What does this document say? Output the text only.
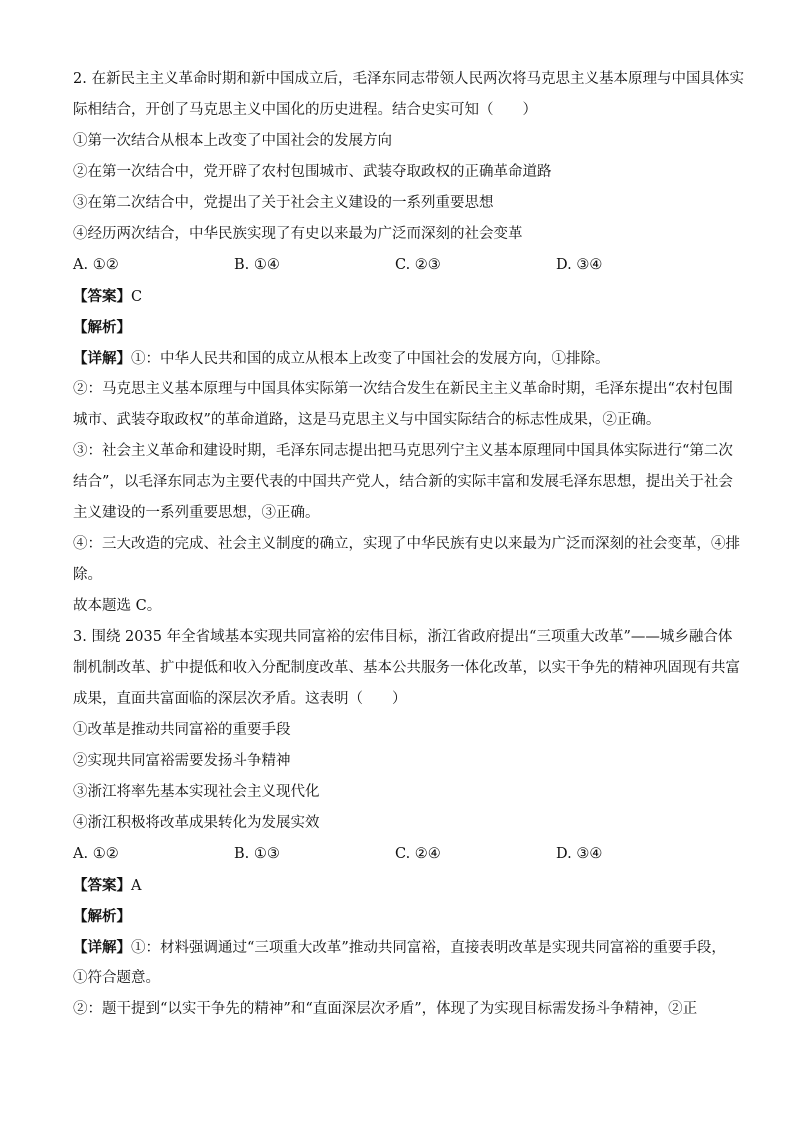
2. 在新民主主义革命时期和新中国成立后，毛泽东同志带领人民两次将马克思主义基本原理与中国具体实
际相结合，开创了马克思主义中国化的历史进程。结合史实可知（　　）
①第一次结合从根本上改变了中国社会的发展方向
②在第一次结合中，党开辟了农村包围城市、武装夺取政权的正确革命道路
③在第二次结合中，党提出了关于社会主义建设的一系列重要思想
④经历两次结合，中华民族实现了有史以来最为广泛而深刻的社会变革
A. ①②	B. ①④	C. ②③	D. ③④
【答案】C
【解析】
【详解】①：中华人民共和国的成立从根本上改变了中国社会的发展方向，①排除。
②：马克思主义基本原理与中国具体实际第一次结合发生在新民主主义革命时期，毛泽东提出“农村包围
城市、武装夺取政权”的革命道路，这是马克思主义与中国实际结合的标志性成果，②正确。
③：社会主义革命和建设时期，毛泽东同志提出把马克思列宁主义基本原理同中国具体实际进行“第二次
结合”，以毛泽东同志为主要代表的中国共产党人，结合新的实际丰富和发展毛泽东思想，提出关于社会
主义建设的一系列重要思想，③正确。
④：三大改造的完成、社会主义制度的确立，实现了中华民族有史以来最为广泛而深刻的社会变革，④排
除。
故本题选 C。
3. 围绕 2035 年全省域基本实现共同富裕的宏伟目标，浙江省政府提出“三项重大改革”——城乡融合体
制机制改革、扩中提低和收入分配制度改革、基本公共服务一体化改革，以实干争先的精神巩固现有共富
成果，直面共富面临的深层次矛盾。这表明（　　）
①改革是推动共同富裕的重要手段
②实现共同富裕需要发扬斗争精神
③浙江将率先基本实现社会主义现代化
④浙江积极将改革成果转化为发展实效
A. ①②	B. ①③	C. ②④	D. ③④
【答案】A
【解析】
【详解】①：材料强调通过“三项重大改革”推动共同富裕，直接表明改革是实现共同富裕的重要手段，
①符合题意。
②：题干提到“以实干争先的精神”和“直面深层次矛盾”，体现了为实现目标需发扬斗争精神，②正
